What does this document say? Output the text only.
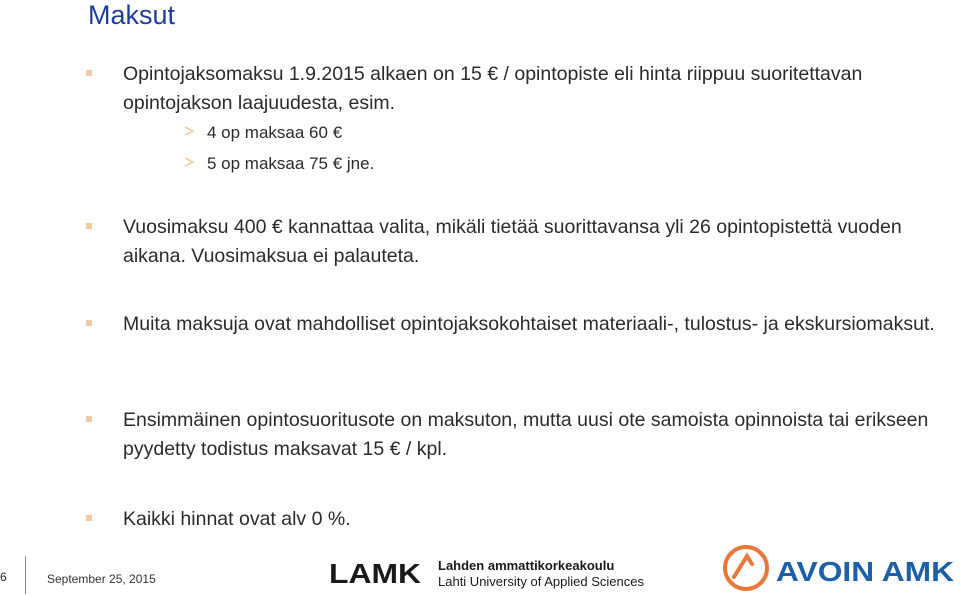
Maksut
Opintojaksomaksu 1.9.2015 alkaen on 15 € / opintopiste eli hinta riippuu suoritettavan opintojakson laajuudesta, esim.
4 op maksaa 60 €
5 op maksaa 75 € jne.
Vuosimaksu 400 € kannattaa valita, mikäli tietää suorittavansa yli 26 opintopistettä vuoden aikana. Vuosimaksua ei palauteta.
Muita maksuja ovat mahdolliset opintojaksokohtaiset materiaali-, tulostus- ja ekskursiomaksut.
Ensimmäinen opintosuoritusote on maksuton, mutta uusi ote samoista opinnoista tai erikseen pyydetty todistus maksavat 15 € / kpl.
Kaikki hinnat ovat alv 0 %.
6	September 25, 2015	LAMK Lahden ammattikorkeakoulu
Lahti University of Applied Sciences	AVOIN AMK
